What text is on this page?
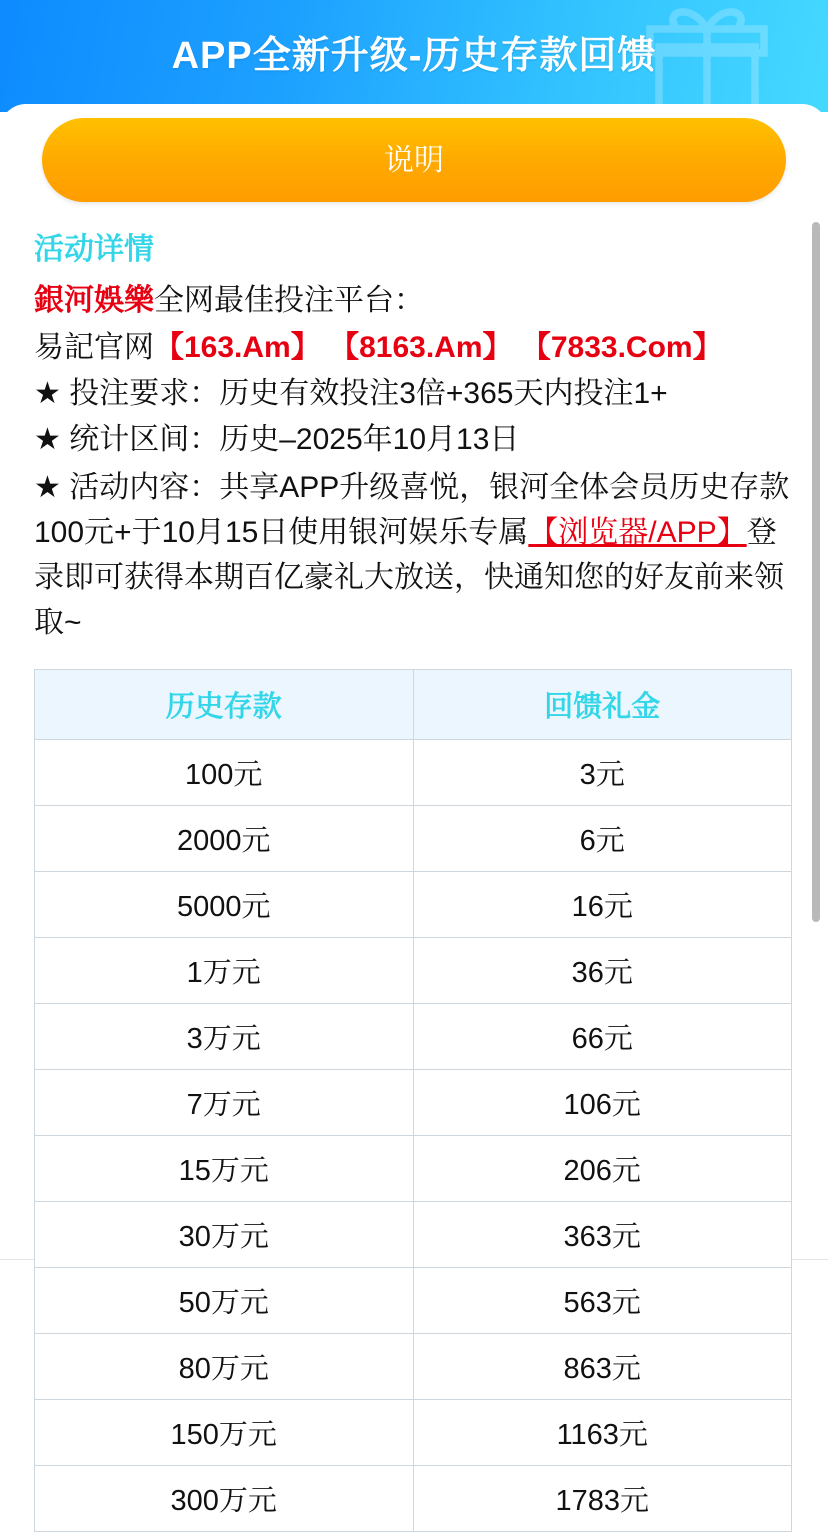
APP全新升级-历史存款回馈
说明
活动详情
銀河娛樂全网最佳投注平台：
易記官网【163.Am】 【8163.Am】 【7833.Com】
★ 投注要求：历史有效投注3倍+365天内投注1+
★ 统计区间：历史–2025年10月13日
★ 活动内容：共享APP升级喜悦，银河全体会员历史存款100元+于10月15日使用银河娱乐专属【浏览器/APP】登录即可获得本期百亿豪礼大放送，快通知您的好友前来领取~
历史存款	回馈礼金
100元	3元
2000元	6元
5000元	16元
1万元	36元
3万元	66元
7万元	106元
15万元	206元
30万元	363元
50万元	563元
80万元	863元
150万元	1163元
300万元	1783元
